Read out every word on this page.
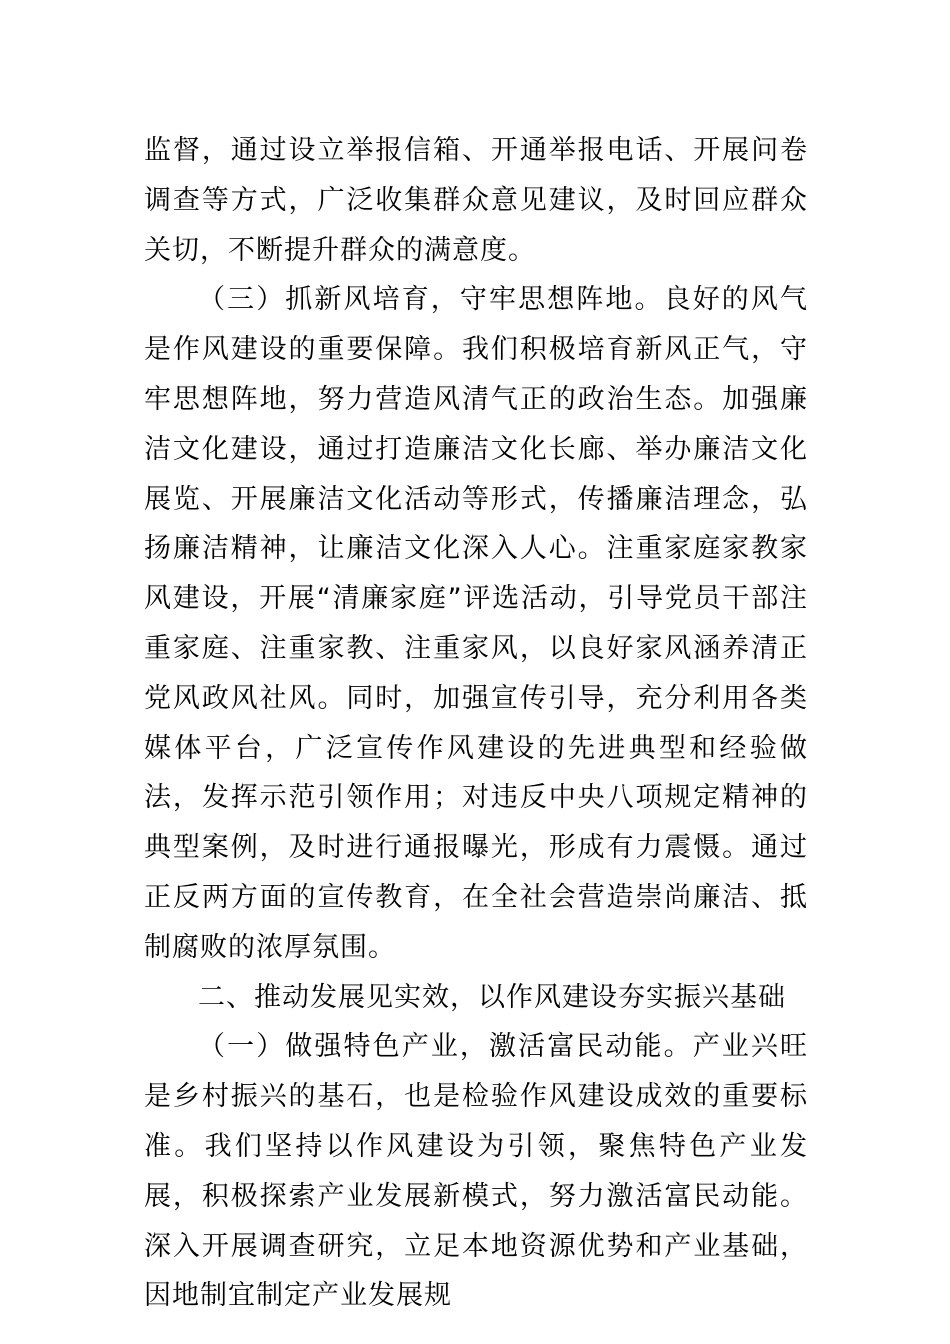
监督，通过设立举报信箱、开通举报电话、开展问卷调查等方式，广泛收集群众意见建议，及时回应群众关切，不断提升群众的满意度。

（三）抓新风培育，守牢思想阵地。良好的风气是作风建设的重要保障。我们积极培育新风正气，守牢思想阵地，努力营造风清气正的政治生态。加强廉洁文化建设，通过打造廉洁文化长廊、举办廉洁文化展览、开展廉洁文化活动等形式，传播廉洁理念，弘扬廉洁精神，让廉洁文化深入人心。注重家庭家教家风建设，开展“清廉家庭”评选活动，引导党员干部注重家庭、注重家教、注重家风，以良好家风涵养清正党风政风社风。同时，加强宣传引导，充分利用各类媒体平台，广泛宣传作风建设的先进典型和经验做法，发挥示范引领作用；对违反中央八项规定精神的典型案例，及时进行通报曝光，形成有力震慑。通过正反两方面的宣传教育，在全社会营造崇尚廉洁、抵制腐败的浓厚氛围。

二、推动发展见实效，以作风建设夯实振兴基础

（一）做强特色产业，激活富民动能。产业兴旺是乡村振兴的基石，也是检验作风建设成效的重要标准。我们坚持以作风建设为引领，聚焦特色产业发展，积极探索产业发展新模式，努力激活富民动能。深入开展调查研究，立足本地资源优势和产业基础，因地制宜制定产业发展规
